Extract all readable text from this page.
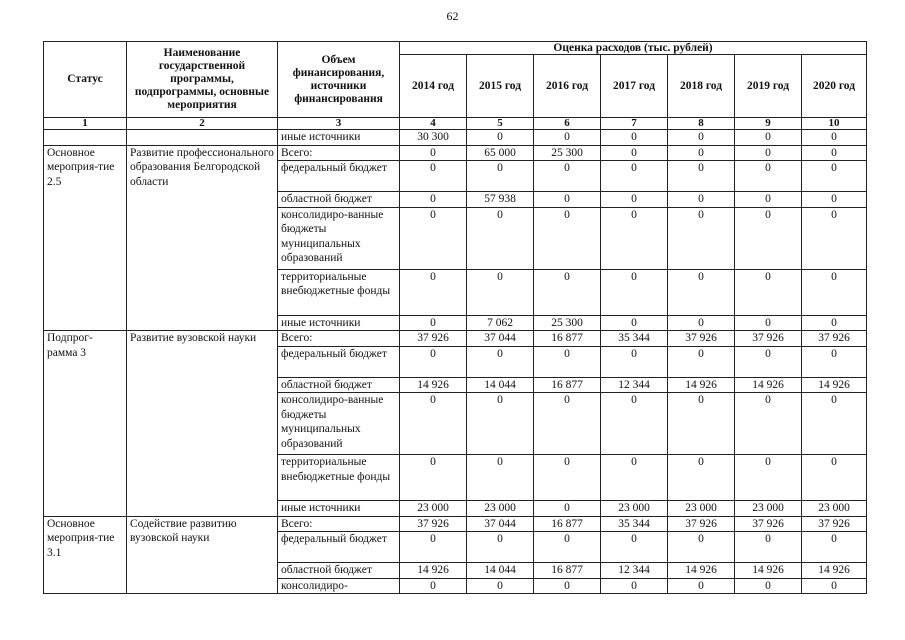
62
Статус	Наименование государственной программы, подпрограммы, основные мероприятия	Объем финансирования, источники финансирования	Оценка расходов (тыс. рублей)						
			2014 год	2015 год	2016 год	2017 год	2018 год	2019 год	2020 год
1	2	3	4	5	6	7	8	9	10
		иные источники	30 300	0	0	0	0	0	0
Основное мероприя-тие 2.5	Развитие профессионального образования Белгородской области	Всего:	0	65 000	25 300	0	0	0	0
		федеральный бюджет	0	0	0	0	0	0	0
		областной бюджет	0	57 938	0	0	0	0	0
		консолидиро-ванные бюджеты муниципальных образований	0	0	0	0	0	0	0
		территориальные внебюджетные фонды	0	0	0	0	0	0	0
		иные источники	0	7 062	25 300	0	0	0	0
Подпрог-рамма 3	Развитие вузовской науки	Всего:	37 926	37 044	16 877	35 344	37 926	37 926	37 926
		федеральный бюджет	0	0	0	0	0	0	0
		областной бюджет	14 926	14 044	16 877	12 344	14 926	14 926	14 926
		консолидиро-ванные бюджеты муниципальных образований	0	0	0	0	0	0	0
		территориальные внебюджетные фонды	0	0	0	0	0	0	0
		иные источники	23 000	23 000	0	23 000	23 000	23 000	23 000
Основное мероприя-тие 3.1	Содействие развитию вузовской науки	Всего:	37 926	37 044	16 877	35 344	37 926	37 926	37 926
		федеральный бюджет	0	0	0	0	0	0	0
		областной бюджет	14 926	14 044	16 877	12 344	14 926	14 926	14 926
		консолидиро-	0	0	0	0	0	0	0
